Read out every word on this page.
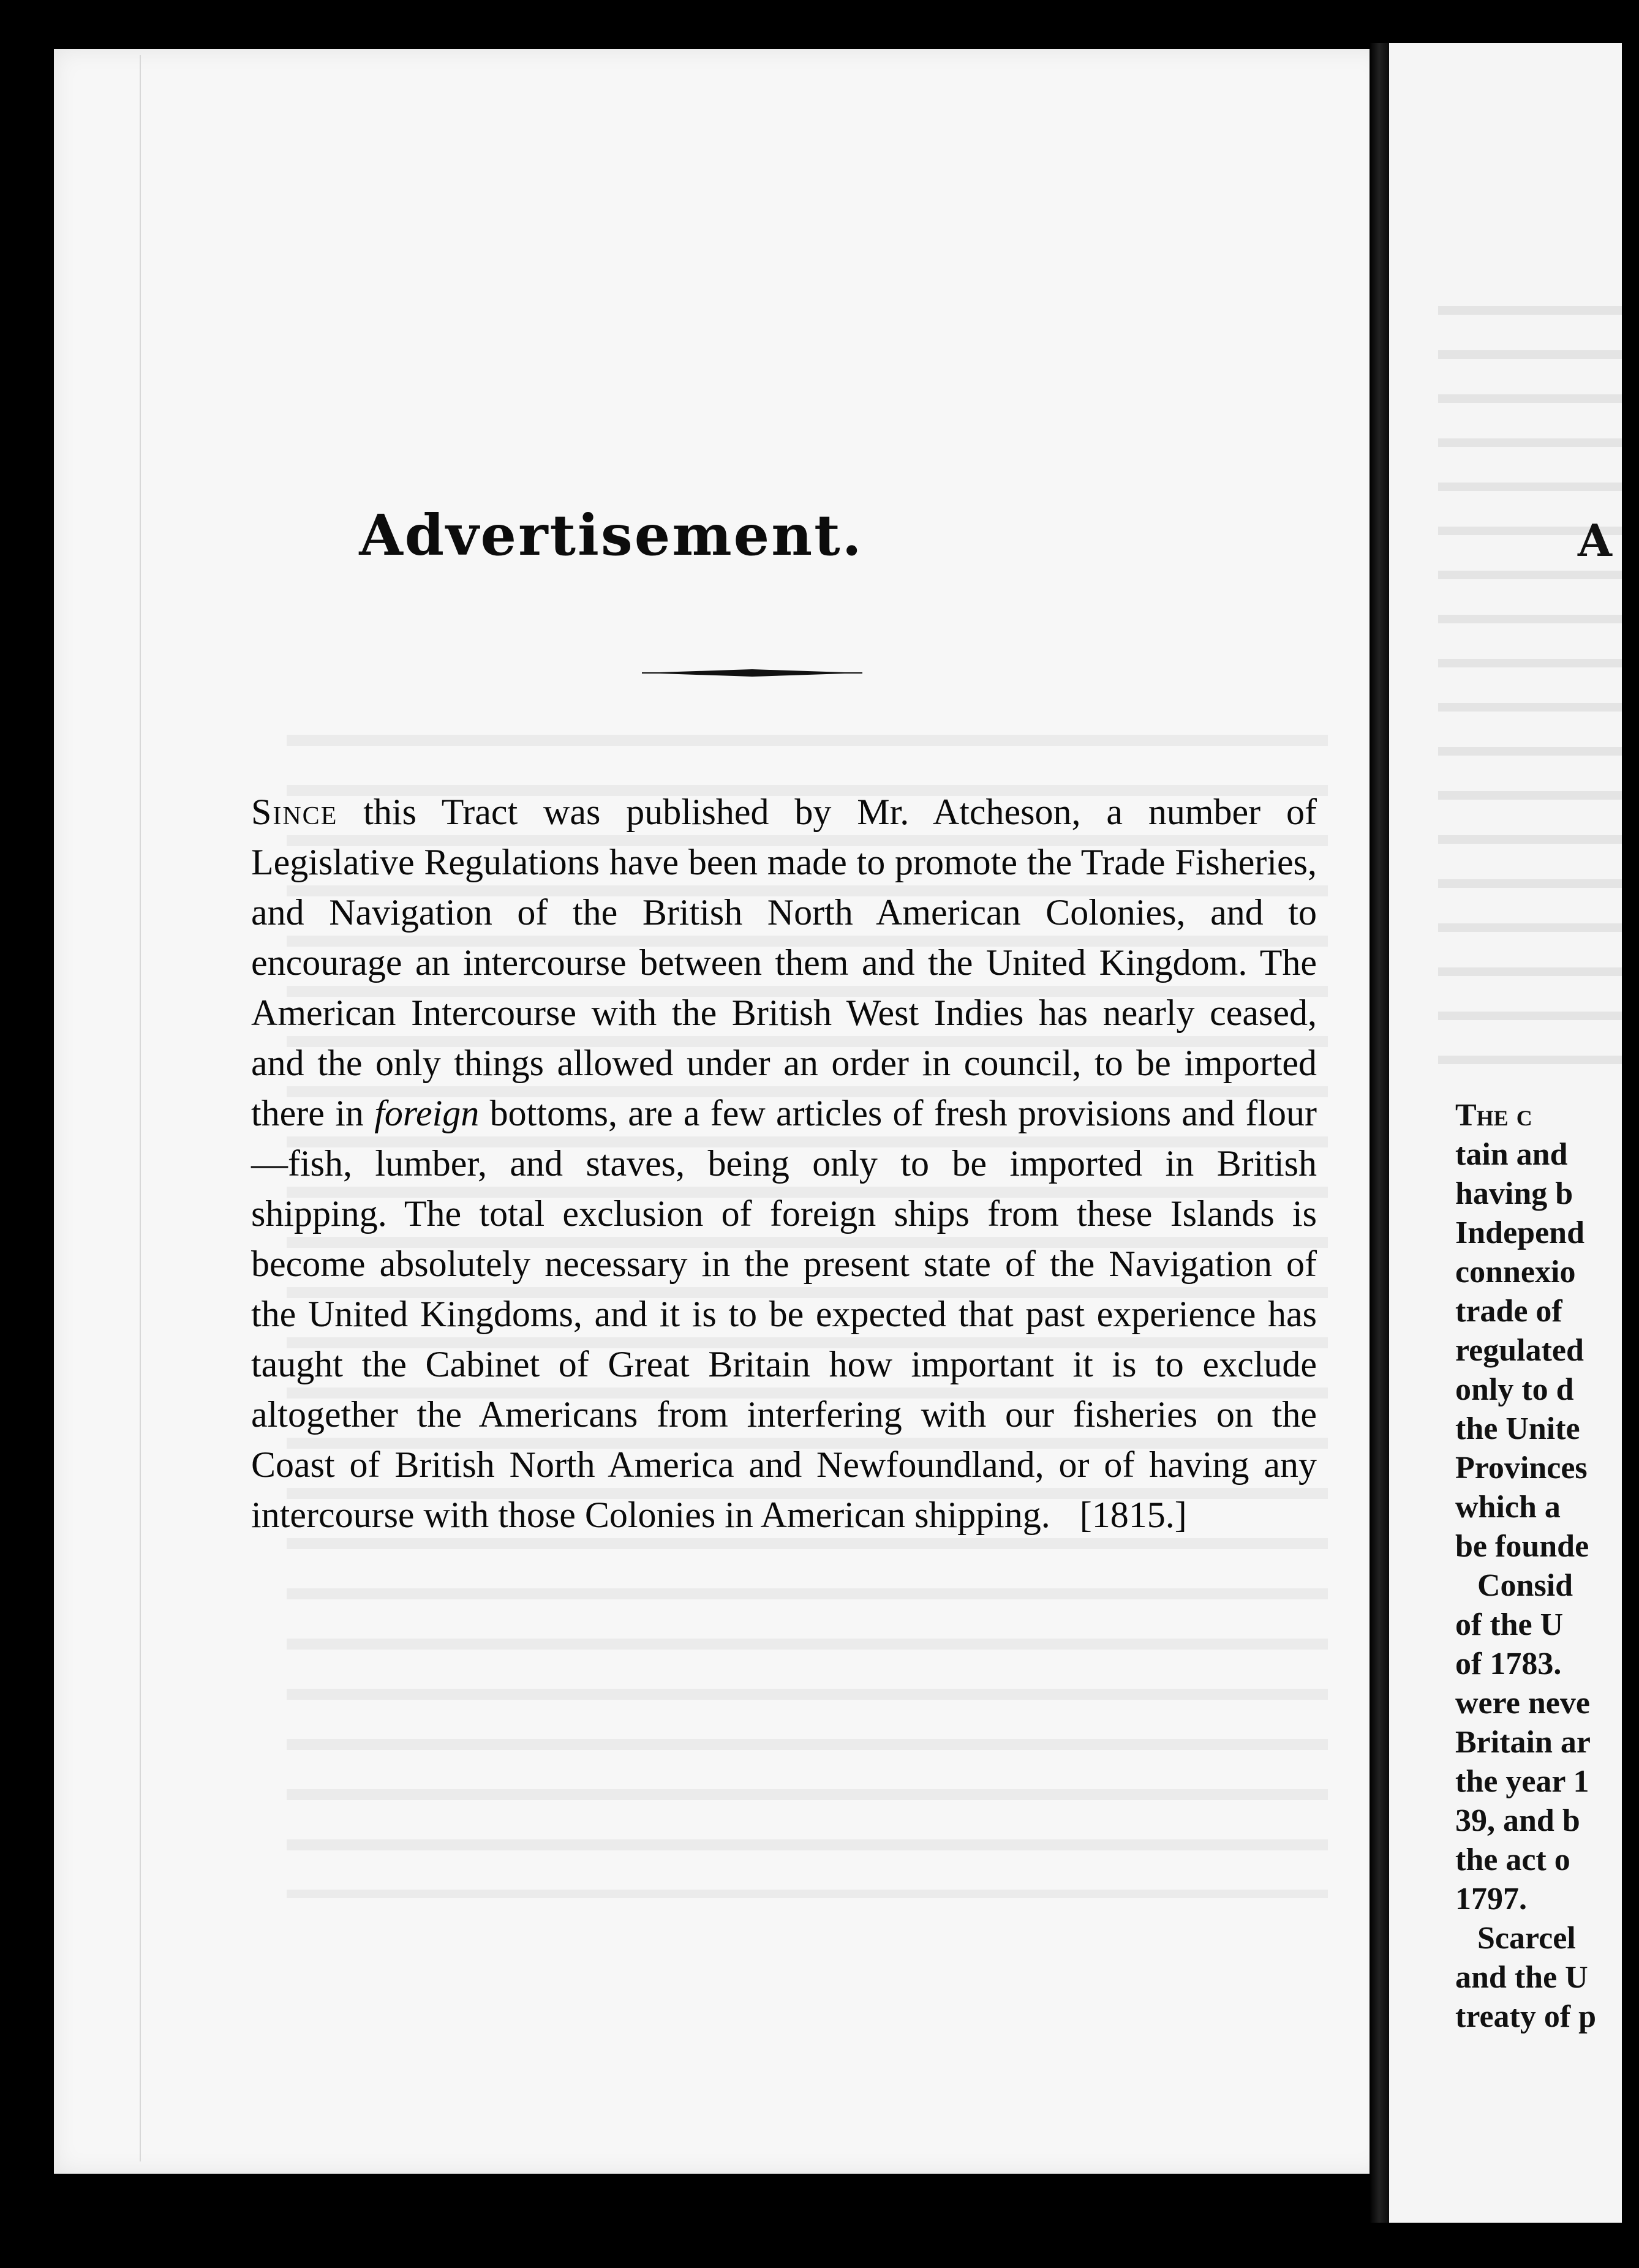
Advertisement.
Since this Tract was published by Mr. Atcheson, a number of Legislative Regulations have been made to promote the Trade Fisheries, and Navigation of the British North American Colonies, and to encourage an intercourse between them and the United Kingdom. The American Intercourse with the British West Indies has nearly ceased, and the only things allowed under an order in council, to be imported there in foreign bottoms, are a few articles of fresh provisions and flour—fish, lumber, and staves, being only to be imported in British shipping. The total exclusion of foreign ships from these Islands is become absolutely necessary in the present state of the Navigation of the United Kingdoms, and it is to be expected that past experience has taught the Cabinet of Great Britain how important it is to exclude altogether the Americans from interfering with our fisheries on the Coast of British North America and Newfoundland, or of having any intercourse with those Colonies in American shipping. [1815.]
A
The c
tain and
having b
Independ
connexio
trade of
regulated
only to d
the Unite
Provinces
which a
be founde
Consid
of the U
of 1783.
were neve
Britain ar
the year 1
39, and b
the act o
1797.
Scarcel
and the U
treaty of p
